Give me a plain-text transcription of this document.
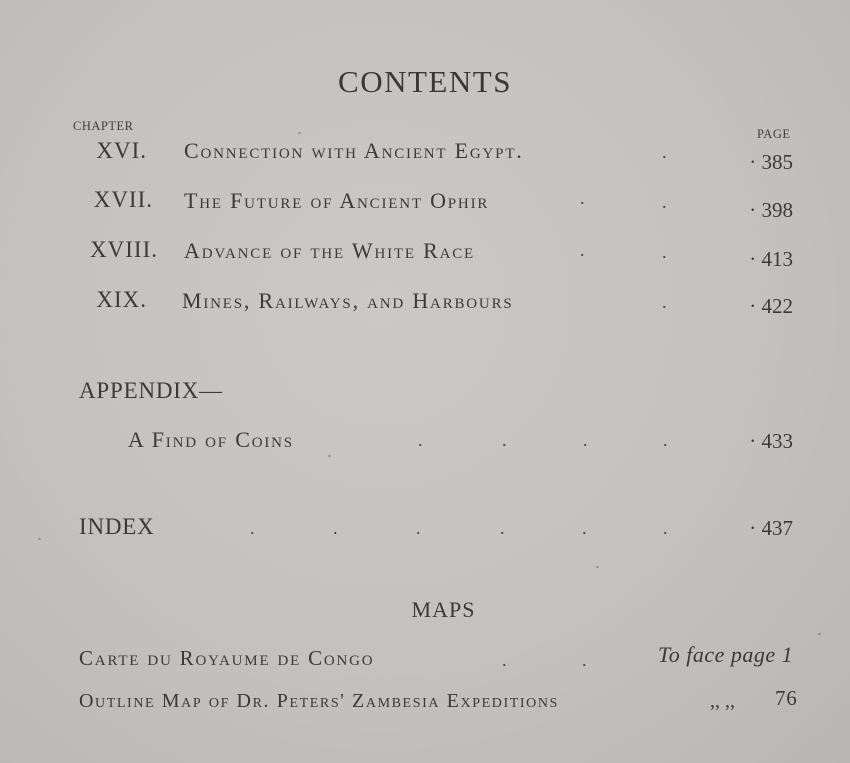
CONTENTS
CHAPTER
PAGE
XVI. Connection with Ancient Egypt.	.	· 385
XVII. The Future of Ancient Ophir	.	.	· 398
XVIII. Advance of the White Race	.	.	· 413
XIX. Mines, Railways, and Harbours	.	· 422
APPENDIX—
A Find of Coins	.	.	.	.	· 433
INDEX	.	.	.	.	.	.	· 437
MAPS
Carte du Royaume de Congo	.	.	To face page 1
Outline Map of Dr. Peters' Zambesia Expeditions	,, ,, 76
